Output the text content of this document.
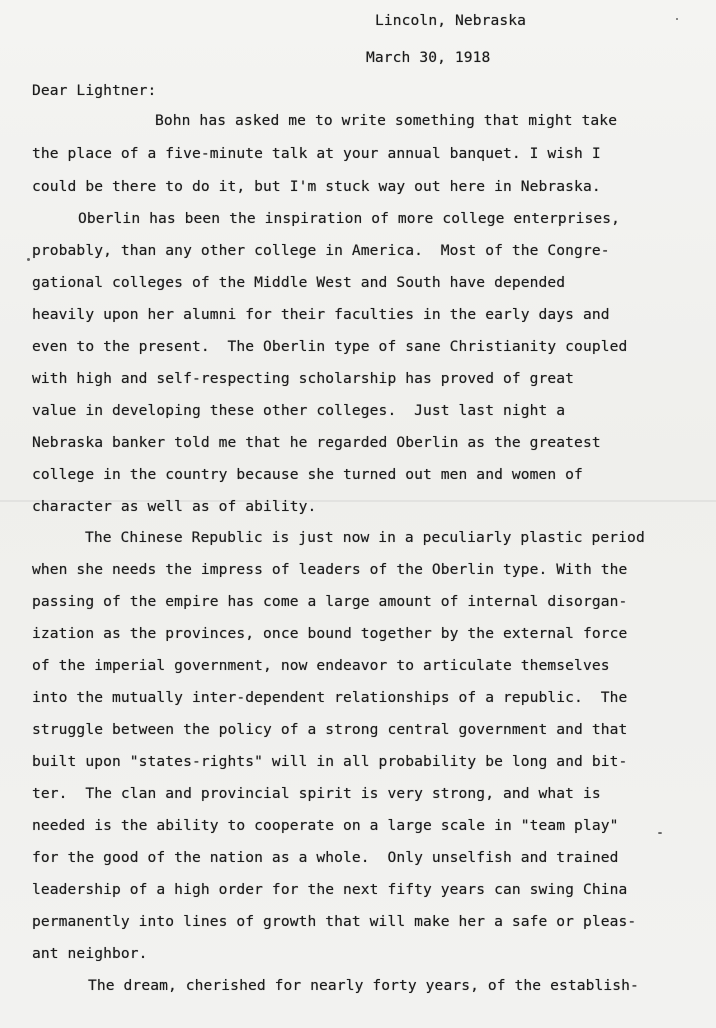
Lincoln, Nebraska
March 30, 1918
Dear Lightner:
Bohn has asked me to write something that might take
the place of a five-minute talk at your annual banquet. I wish I
could be there to do it, but I'm stuck way out here in Nebraska.
Oberlin has been the inspiration of more college enterprises,
probably, than any other college in America.  Most of the Congre-
gational colleges of the Middle West and South have depended
heavily upon her alumni for their faculties in the early days and
even to the present.  The Oberlin type of sane Christianity coupled
with high and self-respecting scholarship has proved of great
value in developing these other colleges.  Just last night a
Nebraska banker told me that he regarded Oberlin as the greatest
college in the country because she turned out men and women of
character as well as of ability.
The Chinese Republic is just now in a peculiarly plastic period
when she needs the impress of leaders of the Oberlin type. With the
passing of the empire has come a large amount of internal disorgan-
ization as the provinces, once bound together by the external force
of the imperial government, now endeavor to articulate themselves
into the mutually inter-dependent relationships of a republic.  The
struggle between the policy of a strong central government and that
built upon "states-rights" will in all probability be long and bit-
ter.  The clan and provincial spirit is very strong, and what is
needed is the ability to cooperate on a large scale in "team play"
for the good of the nation as a whole.  Only unselfish and trained
leadership of a high order for the next fifty years can swing China
permanently into lines of growth that will make her a safe or pleas-
ant neighbor.
The dream, cherished for nearly forty years, of the establish-
